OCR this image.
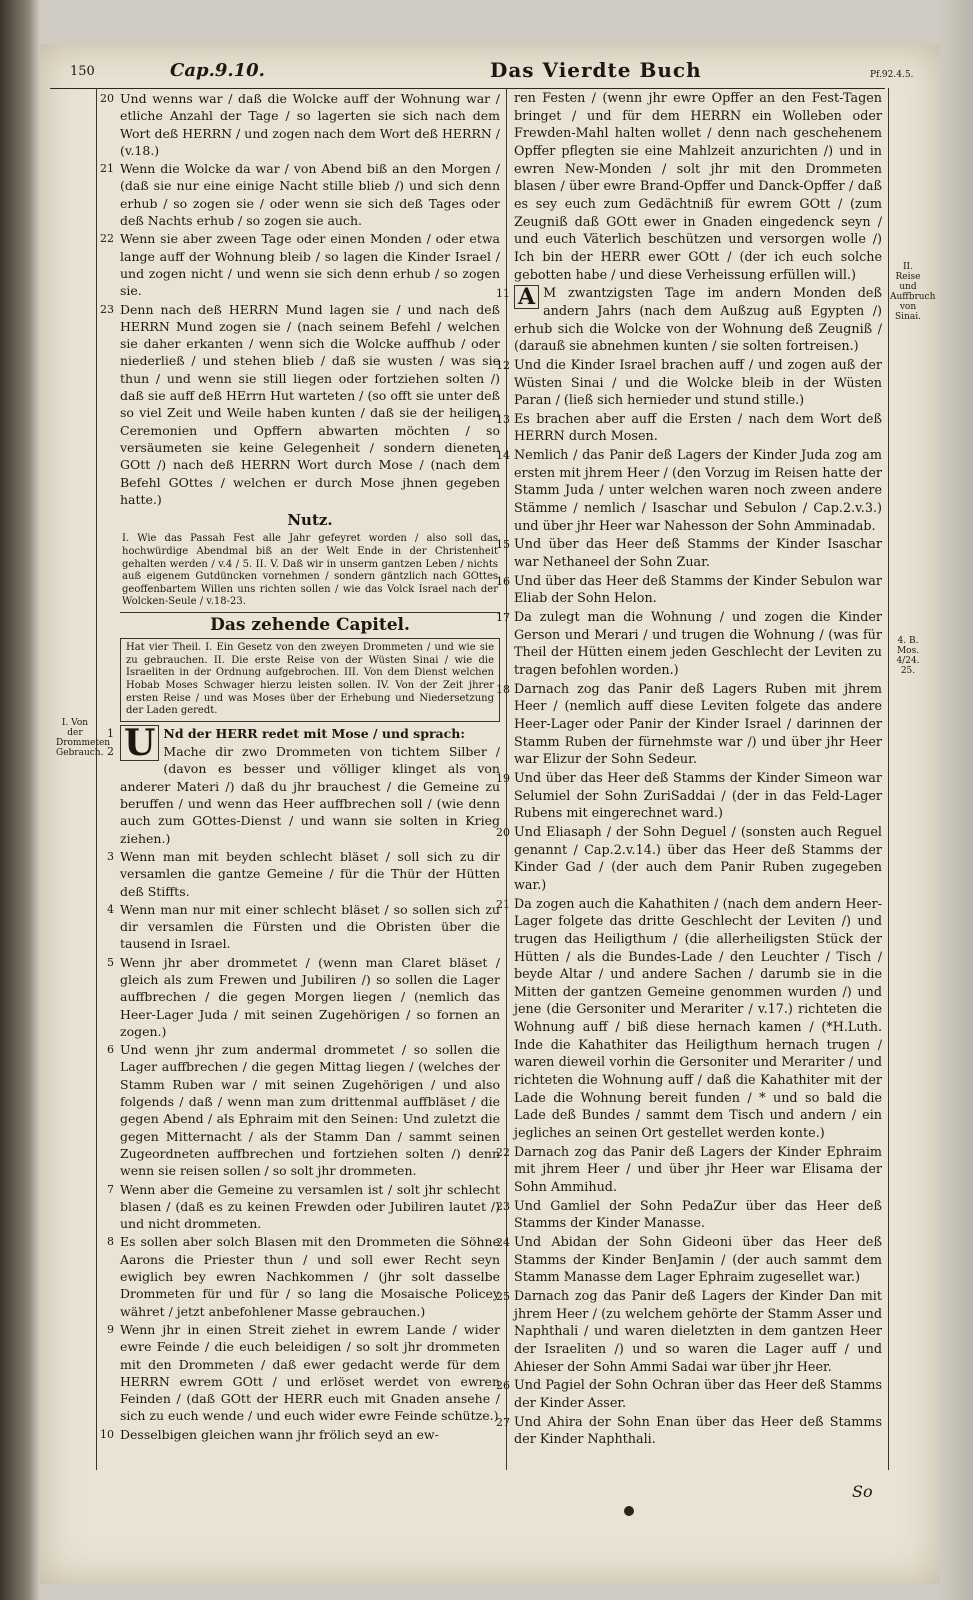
150	Cap.9.10.	Das Vierdte Buch	Pf.92.4.5.
I. Von der Drommeten Gebrauch.
II. Reise und Auffbruch von Sinai.
4. B. Mos. 4/24. 25.
20 Und wenns war / daß die Wolcke auff der Wohnung war / etliche Anzahl der Tage / so lagerten sie sich nach dem Wort deß HERRN / und zogen nach dem Wort deß HERRN / (v.18.)
21 Wenn die Wolcke da war / von Abend biß an den Morgen / (daß sie nur eine einige Nacht stille blieb /) und sich denn erhub / so zogen sie / oder wenn sie sich deß Tages oder deß Nachts erhub / so zogen sie auch.
22 Wenn sie aber zween Tage oder einen Monden / oder etwa lange auff der Wohnung bleib / so lagen die Kinder Israel / und zogen nicht / und wenn sie sich denn erhub / so zogen sie.
23 Denn nach deß HERRN Mund lagen sie / und nach deß HERRN Mund zogen sie / (nach seinem Befehl / welchen sie daher erkanten / wenn sich die Wolcke auffhub / oder niederließ / und stehen blieb / daß sie wusten / was sie thun / und wenn sie still liegen oder fortziehen solten /) daß sie auff deß HErrn Hut warteten / (so offt sie unter deß so viel Zeit und Weile haben kunten / daß sie der heiligen Ceremonien und Opffern abwarten möchten / so versäumeten sie keine Gelegenheit / sondern dieneten GOtt /) nach deß HERRN Wort durch Mose / (nach dem Befehl GOttes / welchen er durch Mose jhnen gegeben hatte.)
Nutz.
I. Wie das Passah Fest alle Jahr gefeyret worden / also soll das hochwürdige Abendmal biß an der Welt Ende in der Christenheit gehalten werden / v.4 / 5. II. V. Daß wir in unserm gantzen Leben / nichts auß eigenem Gutdüncken vornehmen / sondern gäntzlich nach GOttes geoffenbartem Willen uns richten sollen / wie das Volck Israel nach der Wolcken-Seule / v.18-23.
Das zehende Capitel.
Hat vier Theil. I. Ein Gesetz von den zweyen Drommeten / und wie sie zu gebrauchen. II. Die erste Reise von der Wüsten Sinai / wie die Israeliten in der Ordnung aufgebrochen. III. Von dem Dienst welchen Hobab Moses Schwager hierzu leisten sollen. IV. Von der Zeit jhrer ersten Reise / und was Moses über der Erhebung und Niedersetzung der Laden geredt.
1 U Nd der HERR redet mit Mose / und sprach:
2	Mache dir zwo Drommeten von tichtem Silber / (davon es besser und völliger klinget als von anderer Materi /) daß du jhr brauchest / die Gemeine zu beruffen / und wenn das Heer auffbrechen soll / (wie denn auch zum GOttes-Dienst / und wann sie solten in Krieg ziehen.)
3 Wenn man mit beyden schlecht bläset / soll sich zu dir versamlen die gantze Gemeine / für die Thür der Hütten deß Stiffts.
4 Wenn man nur mit einer schlecht bläset / so sollen sich zu dir versamlen die Fürsten und die Obristen über die tausend in Israel.
5 Wenn jhr aber drommetet / (wenn man Claret bläset / gleich als zum Frewen und Jubiliren /) so sollen die Lager auffbrechen / die gegen Morgen liegen / (nemlich das Heer-Lager Juda / mit seinen Zugehörigen / so fornen an zogen.)
6 Und wenn jhr zum andermal drommetet / so sollen die Lager auffbrechen / die gegen Mittag liegen / (welches der Stamm Ruben war / mit seinen Zugehörigen / und also folgends / daß / wenn man zum drittenmal auffbläset / die gegen Abend / als Ephraim mit den Seinen: Und zuletzt die gegen Mitternacht / als der Stamm Dan / sammt seinen Zugeordneten auffbrechen und fortziehen solten /) denn wenn sie reisen sollen / so solt jhr drommeten.
7 Wenn aber die Gemeine zu versamlen ist / solt jhr schlecht blasen / (daß es zu keinen Frewden oder Jubiliren lautet /) und nicht drommeten.
8 Es sollen aber solch Blasen mit den Drommeten die Söhne Aarons die Priester thun / und soll ewer Recht seyn ewiglich bey ewren Nachkommen / (jhr solt dasselbe Drommeten für und für / so lang die Mosaische Policey währet / jetzt anbefohlener Masse gebrauchen.)
9 Wenn jhr in einen Streit ziehet in ewrem Lande / wider ewre Feinde / die euch beleidigen / so solt jhr drommeten mit den Drommeten / daß ewer gedacht werde für dem HERRN ewrem GOtt / und erlöset werdet von ewren Feinden / (daß GOtt der HERR euch mit Gnaden ansehe / sich zu euch wende / und euch wider ewre Feinde schütze.)
10 Desselbigen gleichen wann jhr frölich seyd an ew-
ren Festen / (wenn jhr ewre Opffer an den Fest-Tagen bringet / und für dem HERRN ein Wolleben oder Frewden-Mahl halten wollet / denn nach geschehenem Opffer pflegten sie eine Mahlzeit anzurichten /) und in ewren New-Monden / solt jhr mit den Drommeten blasen / über ewre Brand-Opffer und Danck-Opffer / daß es sey euch zum Gedächtniß für ewrem GOtt / (zum Zeugniß daß GOtt ewer in Gnaden eingedenck seyn / und euch Väterlich beschützen und versorgen wolle /) Ich bin der HERR ewer GOtt / (der ich euch solche gebotten habe / und diese Verheissung erfüllen will.)
11 A M zwantzigsten Tage im andern Monden deß andern Jahrs (nach dem Außzug auß Egypten /) erhub sich die Wolcke von der Wohnung deß Zeugniß / (darauß sie abnehmen kunten / sie solten fortreisen.)
12 Und die Kinder Israel brachen auff / und zogen auß der Wüsten Sinai / und die Wolcke bleib in der Wüsten Paran / (ließ sich hernieder und stund stille.)
13 Es brachen aber auff die Ersten / nach dem Wort deß HERRN durch Mosen.
14 Nemlich / das Panir deß Lagers der Kinder Juda zog am ersten mit jhrem Heer / (den Vorzug im Reisen hatte der Stamm Juda / unter welchen waren noch zween andere Stämme / nemlich / Isaschar und Sebulon / Cap.2.v.3.) und über jhr Heer war Nahesson der Sohn Amminadab.
15 Und über das Heer deß Stamms der Kinder Isaschar war Nethaneel der Sohn Zuar.
16 Und über das Heer deß Stamms der Kinder Sebulon war Eliab der Sohn Helon.
17 Da zulegt man die Wohnung / und zogen die Kinder Gerson und Merari / und trugen die Wohnung / (was für Theil der Hütten einem jeden Geschlecht der Leviten zu tragen befohlen worden.)
18 Darnach zog das Panir deß Lagers Ruben mit jhrem Heer / (nemlich auff diese Leviten folgete das andere Heer-Lager oder Panir der Kinder Israel / darinnen der Stamm Ruben der fürnehmste war /) und über jhr Heer war Elizur der Sohn Sedeur.
19 Und über das Heer deß Stamms der Kinder Simeon war Selumiel der Sohn ZuriSaddai / (der in das Feld-Lager Rubens mit eingerechnet ward.)
20 Und Eliasaph / der Sohn Deguel / (sonsten auch Reguel genannt / Cap.2.v.14.) über das Heer deß Stamms der Kinder Gad / (der auch dem Panir Ruben zugegeben war.)
21 Da zogen auch die Kahathiten / (nach dem andern Heer-Lager folgete das dritte Geschlecht der Leviten /) und trugen das Heiligthum / (die allerheiligsten Stück der Hütten / als die Bundes-Lade / den Leuchter / Tisch / beyde Altar / und andere Sachen / darumb sie in die Mitten der gantzen Gemeine genommen wurden /) und jene (die Gersoniter und Merariter / v.17.) richteten die Wohnung auff / biß diese hernach kamen / (*H.Luth. Inde die Kahathiter das Heiligthum hernach trugen / waren dieweil vorhin die Gersoniter und Merariter / und richteten die Wohnung auff / daß die Kahathiter mit der Lade die Wohnung bereit funden / * und so bald die Lade deß Bundes / sammt dem Tisch und andern / ein jegliches an seinen Ort gestellet werden konte.)
22 Darnach zog das Panir deß Lagers der Kinder Ephraim mit jhrem Heer / und über jhr Heer war Elisama der Sohn Ammihud.
23 Und Gamliel der Sohn PedaZur über das Heer deß Stamms der Kinder Manasse.
24 Und Abidan der Sohn Gideoni über das Heer deß Stamms der Kinder BenJamin / (der auch sammt dem Stamm Manasse dem Lager Ephraim zugesellet war.)
25 Darnach zog das Panir deß Lagers der Kinder Dan mit jhrem Heer / (zu welchem gehörte der Stamm Asser und Naphthali / und waren dieletzten in dem gantzen Heer der Israeliten /) und so waren die Lager auff / und Ahieser der Sohn Ammi Sadai war über jhr Heer.
26 Und Pagiel der Sohn Ochran über das Heer deß Stamms der Kinder Asser.
27 Und Ahira der Sohn Enan über das Heer deß Stamms der Kinder Naphthali.
So
